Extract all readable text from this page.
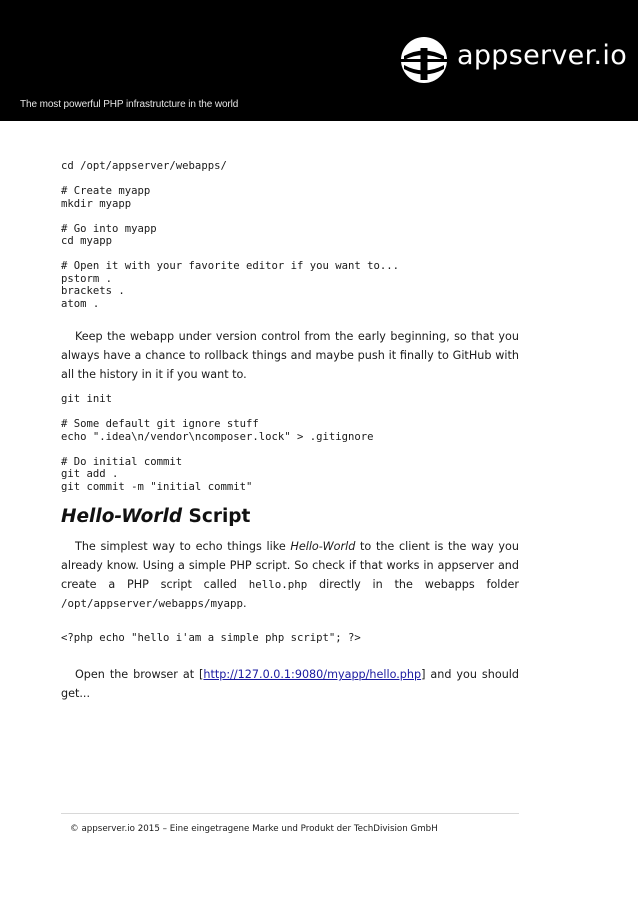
appserver.io
The most powerful PHP infrastrutcture in the world
cd /opt/appserver/webapps/

# Create myapp
mkdir myapp

# Go into myapp
cd myapp

# Open it with your favorite editor if you want to...
pstorm .
brackets .
atom .

Keep the webapp under version control from the early beginning, so that you always have a chance to rollback things and maybe push it finally to GitHub with all the history in it if you want to.

git init

# Some default git ignore stuff
echo ".idea\n/vendor\ncomposer.lock" > .gitignore

# Do initial commit
git add .
git commit -m "initial commit"
Hello-World Script

The simplest way to echo things like Hello-World to the client is the way you already know. Using a simple PHP script. So check if that works in appserver and create a PHP script called hello.php directly in the webapps folder /opt/appserver/webapps/myapp.

<?php echo "hello i'am a simple php script"; ?>

Open the browser at [http://127.0.0.1:9080/myapp/hello.php] and you should get...

© appserver.io 2015 – Eine eingetragene Marke und Produkt der TechDivision GmbH
